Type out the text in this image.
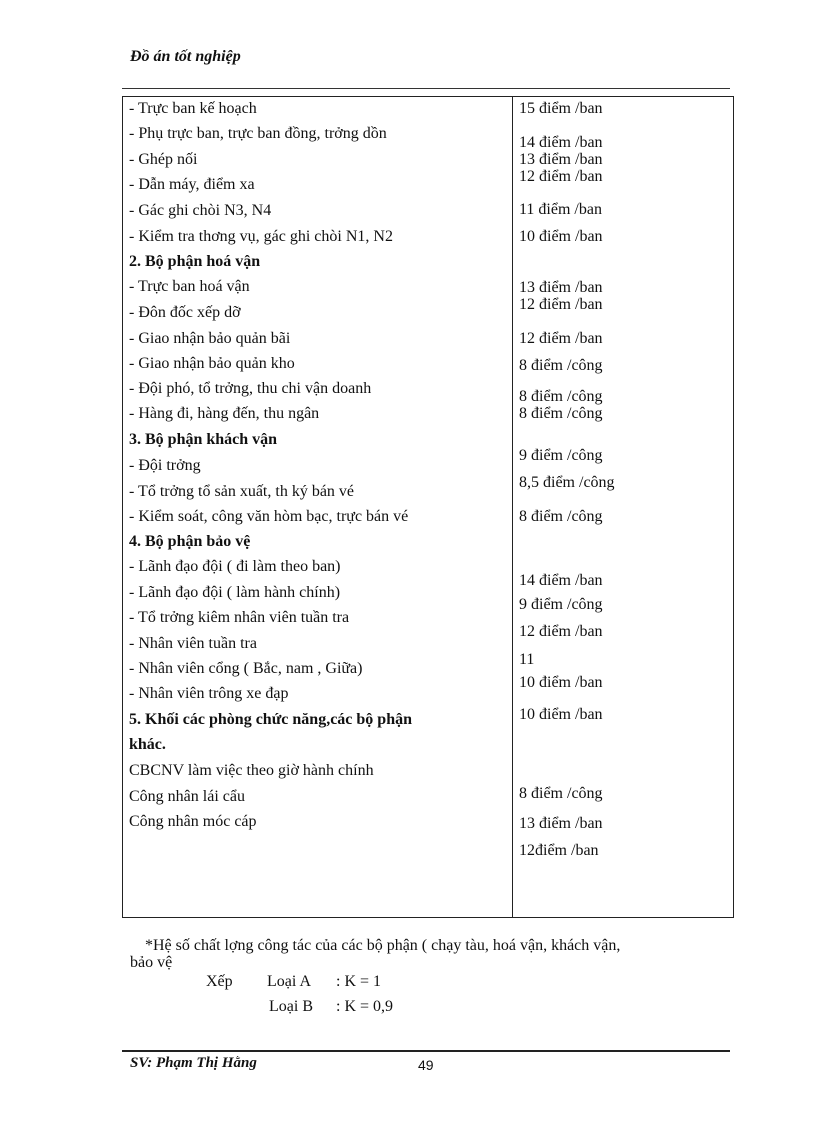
Đồ án tốt nghiệp
- Trực ban kế hoạch
- Phụ trực ban, trực ban đồng, trởng dồn
- Ghép nối
- Dẫn máy, điểm xa
- Gác ghi chòi N3, N4
- Kiểm tra thơng vụ, gác ghi chòi N1, N2
2. Bộ phận hoá vận
- Trực ban hoá vận
- Đôn đốc xếp dỡ
- Giao nhận bảo quản bãi
- Giao nhận bảo quản kho
- Đội phó, tổ trởng, thu chi vận doanh
- Hàng đi, hàng đến, thu ngân
3. Bộ phận khách vận
- Đội trởng
- Tổ trởng tổ sản xuất, th ký bán vé
- Kiểm soát, công văn hòm bạc, trực bán vé
4. Bộ phận bảo vệ
- Lãnh đạo đội ( đi làm theo ban)
- Lãnh đạo đội ( làm hành chính)
- Tổ trởng kiêm nhân viên tuần tra
- Nhân viên tuần tra
- Nhân viên cổng ( Bắc, nam , Giữa)
- Nhân viên trông xe đạp
5. Khối các phòng chức năng,các bộ phận
khác.
CBCNV làm việc theo giờ hành chính
Công nhân lái cẩu
Công nhân móc cáp
15 điểm /ban
14 điểm /ban
13 điểm /ban
12 điểm /ban
11 điểm /ban
10 điểm /ban
13 điểm /ban
12 điểm /ban
12 điểm /ban
8 điểm /công
8 điểm /công
8 điểm /công
9 điểm /công
8,5 điểm /công
8 điểm /công
14 điểm /ban
9 điểm /công
12 điểm /ban
11
10 điểm /ban
10 điểm /ban
8 điểm /công
13 điểm /ban
12điểm /ban
*Hệ số chất lợng công tác của các bộ phận ( chạy tàu, hoá vận, khách vận,
bảo vệ
Xếp Loại A : K = 1
Loại B : K = 0,9
SV: Phạm Thị Hằng	49
